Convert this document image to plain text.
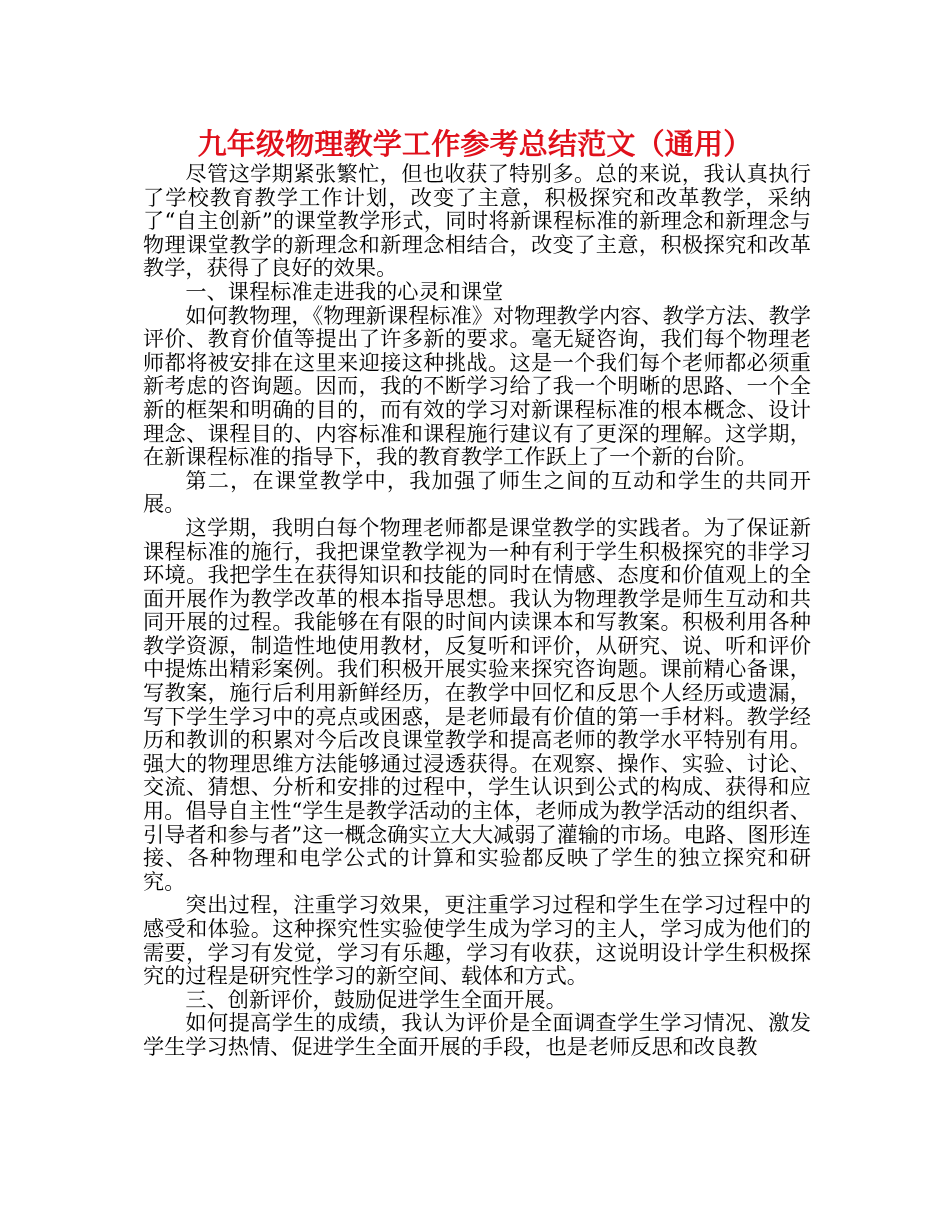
九年级物理教学工作参考总结范文（通用）

尽管这学期紧张繁忙，但也收获了特别多。总的来说，我认真执行了学校教育教学工作计划，改变了主意，积极探究和改革教学，采纳了“自主创新”的课堂教学形式，同时将新课程标准的新理念和新理念与物理课堂教学的新理念和新理念相结合，改变了主意，积极探究和改革教学，获得了良好的效果。

一、课程标准走进我的心灵和课堂

如何教物理，《物理新课程标准》对物理教学内容、教学方法、教学评价、教育价值等提出了许多新的要求。毫无疑咨询，我们每个物理老师都将被安排在这里来迎接这种挑战。这是一个我们每个老师都必须重新考虑的咨询题。因而，我的不断学习给了我一个明晰的思路、一个全新的框架和明确的目的，而有效的学习对新课程标准的根本概念、设计理念、课程目的、内容标准和课程施行建议有了更深的理解。这学期，在新课程标准的指导下，我的教育教学工作跃上了一个新的台阶。

第二，在课堂教学中，我加强了师生之间的互动和学生的共同开展。

这学期，我明白每个物理老师都是课堂教学的实践者。为了保证新课程标准的施行，我把课堂教学视为一种有利于学生积极探究的非学习环境。我把学生在获得知识和技能的同时在情感、态度和价值观上的全面开展作为教学改革的根本指导思想。我认为物理教学是师生互动和共同开展的过程。我能够在有限的时间内读课本和写教案。积极利用各种教学资源，制造性地使用教材，反复听和评价，从研究、说、听和评价中提炼出精彩案例。我们积极开展实验来探究咨询题。课前精心备课，写教案，施行后利用新鲜经历，在教学中回忆和反思个人经历或遗漏，写下学生学习中的亮点或困惑，是老师最有价值的第一手材料。教学经历和教训的积累对今后改良课堂教学和提高老师的教学水平特别有用。强大的物理思维方法能够通过浸透获得。在观察、操作、实验、讨论、交流、猜想、分析和安排的过程中，学生认识到公式的构成、获得和应用。倡导自主性“学生是教学活动的主体，老师成为教学活动的组织者、引导者和参与者”这一概念确实立大大减弱了灌输的市场。电路、图形连接、各种物理和电学公式的计算和实验都反映了学生的独立探究和研究。

突出过程，注重学习效果，更注重学习过程和学生在学习过程中的感受和体验。这种探究性实验使学生成为学习的主人，学习成为他们的需要，学习有发觉，学习有乐趣，学习有收获，这说明设计学生积极探究的过程是研究性学习的新空间、载体和方式。

三、创新评价，鼓励促进学生全面开展。

如何提高学生的成绩，我认为评价是全面调查学生学习情况、激发学生学习热情、促进学生全面开展的手段，也是老师反思和改良教
